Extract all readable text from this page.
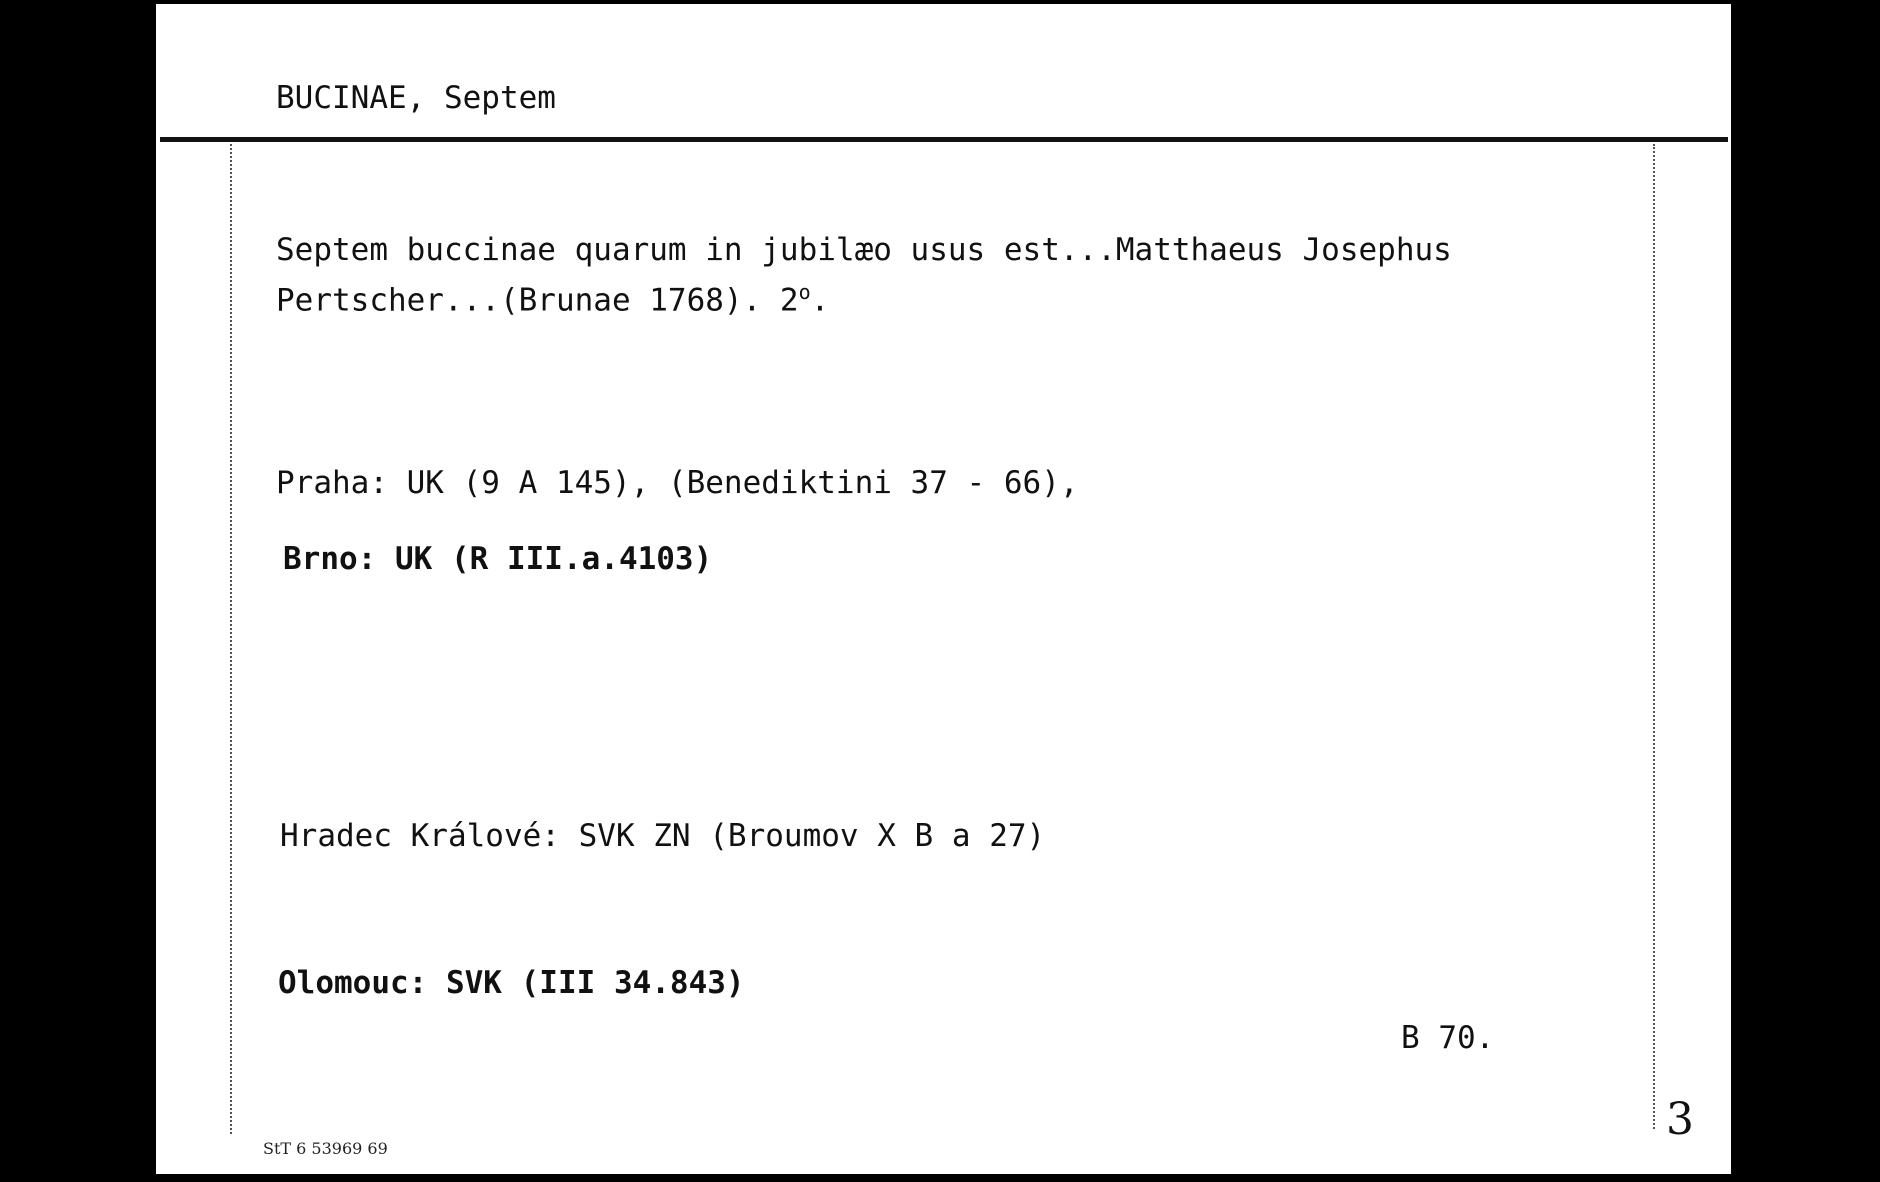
BUCINAE, Septem
Septem buccinae quarum in jubilæo usus est...Matthaeus Josephus
Pertscher...(Brunae 1768). 2$^o$.
Praha: UK (9 A 145), (Benediktini 37 - 66),
Brno: UK (R III.a.4103)
Hradec Králové: SVK ZN (Broumov X B a 27)
Olomouc: SVK (III 34.843)
B 70.
StT 6 53969 69
3
